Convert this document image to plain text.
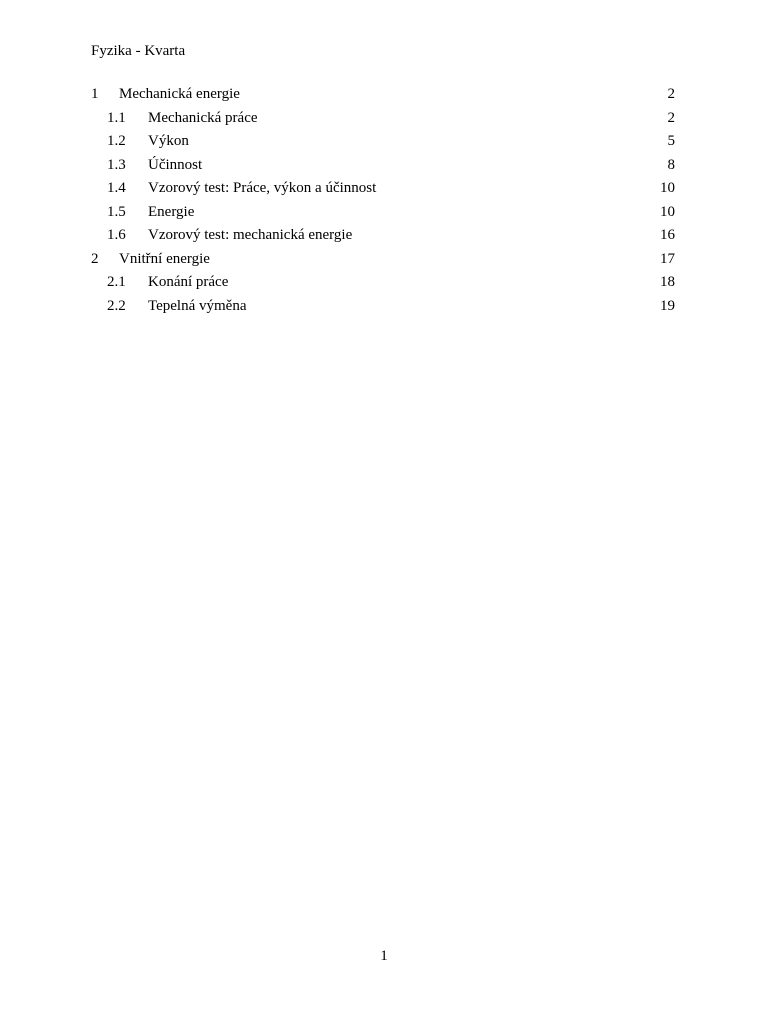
Fyzika - Kvarta
1 Mechanická energie	2
1.1 Mechanická práce	2
1.2 Výkon	5
1.3 Účinnost	8
1.4 Vzorový test: Práce, výkon a účinnost	10
1.5 Energie	10
1.6 Vzorový test: mechanická energie	16
2 Vnitřní energie	17
2.1 Konání práce	18
2.2 Tepelná výměna	19
1
